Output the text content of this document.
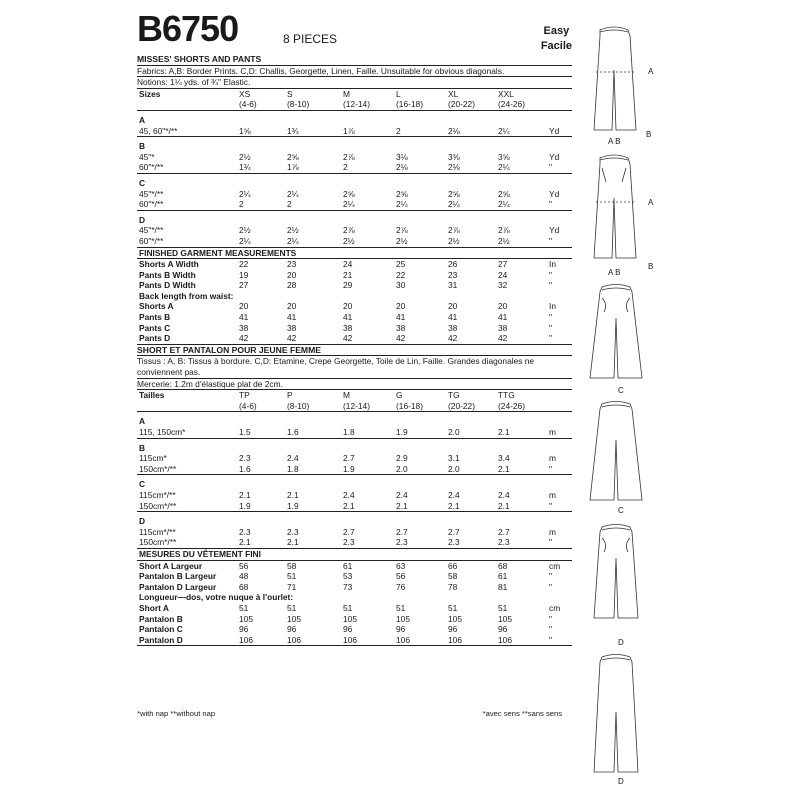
B6750	8 PIECES
Easy
Facile
MISSES' SHORTS AND PANTS
Fabrics: A,B: Border Prints. C,D: Challis, Georgette, Linen, Faille. Unsuitable for obvious diagonals.
Notions: 1¼ yds. of ¾" Elastic.
Sizes	XS	S	M	L	XL	XXL
(4-6)	(8-10)	(12-14)	(16-18)	(20-22)	(24-26)
A
45, 60"*/**	1⅝	1¾	1⅞	2	2⅛	2¼	Yd
B
45"*	2½	2⅝	2⅞	3⅛	3⅜	3⅝	Yd
60"*/**	1¾	1⅞	2	2⅛	2⅛	2¼	"
C
45"*/**	2¼	2¼	2⅝	2⅝	2⅝	2⅝	Yd
60"*/**	2	2	2¼	2¼	2¼	2¼	"
D
45"*/**	2½	2½	2⅞	2⅞	2⅞	2⅞	Yd
60"*/**	2¼	2¼	2½	2½	2½	2½	"
FINISHED GARMENT MEASUREMENTS
Shorts A Width	22	23	24	25	26	27	In
Pants B Width	19	20	21	22	23	24	"
Pants D Width	27	28	29	30	31	32	"
Back length from waist:
Shorts A	20	20	20	20	20	20	In
Pants B	41	41	41	41	41	41	"
Pants C	38	38	38	38	38	38	"
Pants D	42	42	42	42	42	42	"
SHORT ET PANTALON POUR JEUNE FEMME
Tissus : A, B: Tissus à bordure. C,D: Etamine, Crepe Georgette, Toile de Lin, Faille. Grandes diagonales ne conviennent pas.
Mercerie: 1.2m d'élastique plat de 2cm.
Tailles	TP	P	M	G	TG	TTG
(4-6)	(8-10)	(12-14)	(16-18)	(20-22)	(24-26)
A
115, 150cm*	1.5	1.6	1.8	1.9	2.0	2.1	m
B
115cm*	2.3	2.4	2.7	2.9	3.1	3.4	m
150cm*/**	1.6	1.8	1.9	2.0	2.0	2.1	"
C
115cm*/**	2.1	2.1	2.4	2.4	2.4	2.4	m
150cm*/**	1.9	1.9	2.1	2.1	2.1	2.1	"
D
115cm*/**	2.3	2.3	2.7	2.7	2.7	2.7	m
150cm*/**	2.1	2.1	2.3	2.3	2.3	2.3	"
MESURES DU VÊTEMENT FINI
Short A Largeur	56	58	61	63	66	68	cm
Pantalon B Largeur	48	51	53	56	58	61	"
Pantalon D Largeur	68	71	73	76	78	81	"
Longueur—dos, votre nuque à l'ourlet:
Short A	51	51	51	51	51	51	cm
Pantalon B	105	105	105	105	105	105	"
Pantalon C	96	96	96	96	96	96	"
Pantalon D	106	106	106	106	106	106	"
*with nap **without nap	*avec sens **sans sens
A
A B
B
A
A B
B
C
C
D
D
